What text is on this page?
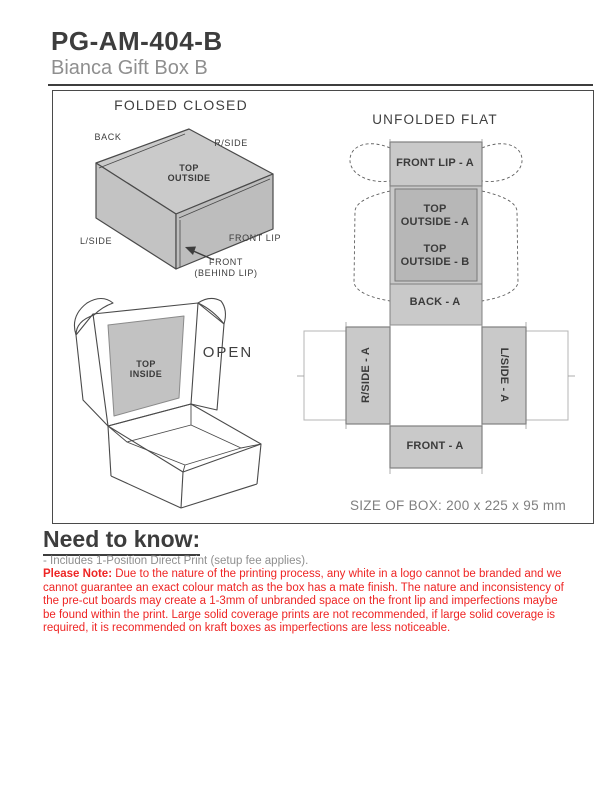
PG-AM-404-B
Bianca Gift Box B
FOLDED CLOSED
UNFOLDED FLAT
BACK
R/SIDE
TOP
OUTSIDE
L/SIDE	FRONT LIP
FRONT
(BEHIND LIP)
OPEN
TOP
INSIDE
FRONT LIP - A
TOP
OUTSIDE - A
TOP
OUTSIDE - B
BACK - A
R/SIDE - A	L/SIDE - A
FRONT - A
SIZE OF BOX: 200 x 225 x 95 mm
Need to know:
- Includes 1-Position Direct Print (setup fee applies).
Please Note: Due to the nature of the printing process, any white in a logo cannot be branded and we cannot guarantee an exact colour match as the box has a mate finish. The nature and inconsistency of the pre-cut boards may create a 1-3mm of unbranded space on the front lip and imperfections maybe be found within the print. Large solid coverage prints are not recommended, if large solid coverage is required, it is recommended on kraft boxes as imperfections are less noticeable.
